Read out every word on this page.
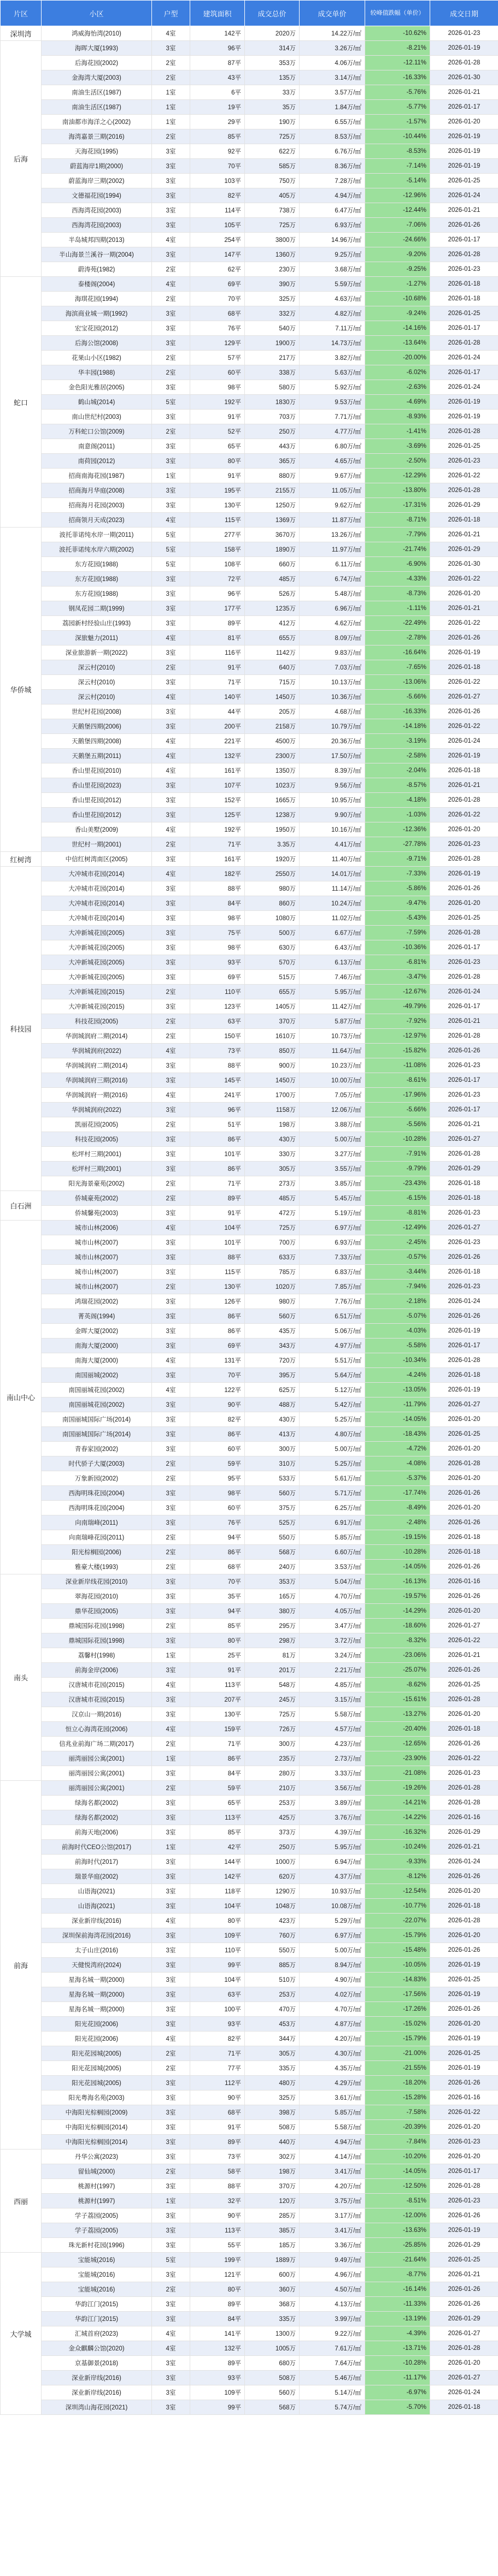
片区	小区	户型	建筑面积	成交总价	成交单价	较峰值跌幅（单价）	成交日期
深圳湾	鸿威海怡湾(2010)	4室	142平	2020万	14.22万/㎡	-10.62%	2026-01-23
后海	海晖大厦(1993)	3室	96平	314万	3.26万/㎡	-8.21%	2026-01-19
	后海花园(2002)	2室	87平	353万	4.06万/㎡	-12.11%	2026-01-28
	金海湾大厦(2003)	2室	43平	135万	3.14万/㎡	-16.33%	2026-01-30
	南油生活区(1987)	1室	6平	33万	3.57万/㎡	-5.76%	2026-01-21
	南油生活区(1987)	1室	19平	35万	1.84万/㎡	-5.77%	2026-01-17
	南油都市海洋之心(2002)	1室	29平	190万	6.55万/㎡	-1.57%	2026-01-20
	海湾嘉景三期(2016)	2室	85平	725万	8.53万/㎡	-10.44%	2026-01-19
	天海花园(1995)	3室	92平	622万	6.76万/㎡	-8.53%	2026-01-19
	蔚蓝海岸1期(2000)	3室	70平	585万	8.36万/㎡	-7.14%	2026-01-19
	蔚蓝海岸三期(2002)	3室	103平	750万	7.28万/㎡	-5.14%	2026-01-25
	文德福花园(1994)	3室	82平	405万	4.94万/㎡	-12.96%	2026-01-24
	西海湾花园(2003)	3室	114平	738万	6.47万/㎡	-12.44%	2026-01-21
	西海湾花园(2003)	3室	105平	725万	6.93万/㎡	-7.06%	2026-01-26
	半岛城邦四期(2013)	4室	254平	3800万	14.96万/㎡	-24.66%	2026-01-17
	半山海景兰溪谷一期(2004)	3室	147平	1360万	9.25万/㎡	-9.20%	2026-01-28
	蔚涛苑(1982)	2室	62平	230万	3.68万/㎡	-9.25%	2026-01-23
蛇口	泰楼阁(2004)	4室	69平	390万	5.59万/㎡	-1.27%	2026-01-18
	海琪花园(1994)	2室	70平	325万	4.63万/㎡	-10.68%	2026-01-18
	海滨商业城一期(1992)	3室	68平	332万	4.82万/㎡	-9.24%	2026-01-25
	宏宝花园(2012)	3室	76平	540万	7.11万/㎡	-14.16%	2026-01-17
	后海公馆(2008)	3室	129平	1900万	14.73万/㎡	-13.64%	2026-01-28
	花果山小区(1982)	2室	57平	217万	3.82万/㎡	-20.00%	2026-01-24
	华丰园(1988)	2室	60平	338万	5.63万/㎡	-6.02%	2026-01-17
	金色阳光雅居(2005)	3室	98平	580万	5.92万/㎡	-2.63%	2026-01-24
	鹤山城(2014)	5室	192平	1830万	9.53万/㎡	-4.69%	2026-01-19
	南山世纪村(2003)	3室	91平	703万	7.71万/㎡	-8.93%	2026-01-19
	万科蛇口公馆(2009)	2室	52平	250万	4.77万/㎡	-1.41%	2026-01-28
	南意阁(2011)	3室	65平	443万	6.80万/㎡	-3.69%	2026-01-25
	南荷园(2012)	3室	80平	365万	4.65万/㎡	-2.50%	2026-01-23
	招商南海花园(1987)	1室	91平	880万	9.67万/㎡	-12.29%	2026-01-22
	招商海月华庭(2008)	3室	195平	2155万	11.05万/㎡	-13.80%	2026-01-28
	招商海月花园(2003)	3室	130平	1250万	9.62万/㎡	-17.31%	2026-01-29
	招商领月天成(2023)	4室	115平	1369万	11.87万/㎡	-8.71%	2026-01-18
华侨城	波托菲诺纯水岸一期(2011)	5室	277平	3670万	13.26万/㎡	-7.79%	2026-01-21
	波托菲诺纯水岸六期(2002)	5室	158平	1890万	11.97万/㎡	-21.74%	2026-01-29
	东方花园(1988)	5室	108平	660万	6.11万/㎡	-6.90%	2026-01-30
	东方花园(1988)	3室	72平	485万	6.74万/㎡	-4.33%	2026-01-22
	东方花园(1988)	3室	96平	526万	5.48万/㎡	-8.73%	2026-01-20
	钢凤花园二期(1999)	3室	177平	1235万	6.96万/㎡	-1.11%	2026-01-21
	荔园新村经验山庄(1993)	3室	89平	412万	4.62万/㎡	-22.49%	2026-01-22
	深旅魅力(2011)	4室	81平	655万	8.09万/㎡	-2.78%	2026-01-26
	深业旅游新一期(2022)	3室	116平	1142万	9.83万/㎡	-16.64%	2026-01-19
	深云村(2010)	2室	91平	640万	7.03万/㎡	-7.65%	2026-01-18
	深云村(2010)	3室	71平	715万	10.13万/㎡	-13.06%	2026-01-22
	深云村(2010)	4室	140平	1450万	10.36万/㎡	-5.66%	2026-01-27
	世纪村花园(2008)	3室	44平	205万	4.68万/㎡	-16.33%	2026-01-26
	天鹅堡四期(2006)	3室	200平	2158万	10.79万/㎡	-14.18%	2026-01-22
	天鹅堡四期(2008)	4室	221平	4500万	20.36万/㎡	-3.19%	2026-01-24
	天鹅堡五期(2011)	4室	132平	2300万	17.50万/㎡	-2.58%	2026-01-19
	香山里花园(2010)	4室	161平	1350万	8.39万/㎡	-2.04%	2026-01-18
	香山里花园(2023)	3室	107平	1023万	9.56万/㎡	-8.57%	2026-01-21
	香山里花园(2012)	3室	152平	1665万	10.95万/㎡	-4.18%	2026-01-28
	香山里花园(2012)	3室	125平	1238万	9.90万/㎡	-1.03%	2026-01-22
	香山美墅(2009)	4室	192平	1950万	10.16万/㎡	-12.36%	2026-01-20
	世纪村一期(2001)	2室	71平	3.35万	4.41万/㎡	-27.78%	2026-01-23
红树湾	中信红树湾南区(2005)	3室	161平	1920万	11.40万/㎡	-9.71%	2026-01-28
科技园	大冲城市花园(2014)	4室	182平	2550万	14.01万/㎡	-7.33%	2026-01-19
	大冲城市花园(2014)	3室	88平	980万	11.14万/㎡	-5.86%	2026-01-26
	大冲城市花园(2014)	3室	84平	860万	10.24万/㎡	-9.47%	2026-01-20
	大冲城市花园(2014)	3室	98平	1080万	11.02万/㎡	-5.43%	2026-01-25
	大冲新城花园(2005)	3室	75平	500万	6.67万/㎡	-7.59%	2026-01-28
	大冲新城花园(2005)	3室	98平	630万	6.43万/㎡	-10.36%	2026-01-17
	大冲新城花园(2005)	3室	93平	570万	6.13万/㎡	-6.81%	2026-01-23
	大冲新城花园(2005)	3室	69平	515万	7.46万/㎡	-3.47%	2026-01-28
	大冲新城花园(2015)	2室	110平	655万	5.95万/㎡	-12.67%	2026-01-24
	大冲新城花园(2015)	3室	123平	1405万	11.42万/㎡	-49.79%	2026-01-17
	科技花园(2005)	2室	63平	370万	5.87万/㎡	-7.92%	2026-01-21
	华润城润府二期(2014)	2室	150平	1610万	10.73万/㎡	-12.97%	2026-01-28
	华润城润府(2022)	4室	73平	850万	11.64万/㎡	-15.82%	2026-01-26
	华润城润府二期(2014)	3室	88平	900万	10.23万/㎡	-11.08%	2026-01-23
	华润城润府三期(2016)	3室	145平	1450万	10.00万/㎡	-8.61%	2026-01-17
	华润城润府一期(2016)	4室	241平	1700万	7.05万/㎡	-17.96%	2026-01-23
	华润城润府(2022)	3室	96平	1158万	12.06万/㎡	-5.66%	2026-01-17
	凯丽花园(2005)	2室	51平	198万	3.88万/㎡	-5.56%	2026-01-21
	科技花园(2005)	3室	86平	430万	5.00万/㎡	-10.28%	2026-01-27
	松坪村三期(2001)	3室	101平	330万	3.27万/㎡	-7.91%	2026-01-28
	松坪村三期(2001)	3室	86平	305万	3.55万/㎡	-9.79%	2026-01-29
	阳光海景豪苑(2002)	2室	71平	273万	3.85万/㎡	-23.43%	2026-01-18
白石洲	侨城豪苑(2002)	2室	89平	485万	5.45万/㎡	-6.15%	2026-01-18
	侨城馨苑(2003)	3室	91平	472万	5.19万/㎡	-8.81%	2026-01-23
南山中心	城市山林(2006)	4室	104平	725万	6.97万/㎡	-12.49%	2026-01-27
	城市山林(2007)	3室	101平	700万	6.93万/㎡	-2.45%	2026-01-23
	城市山林(2007)	3室	88平	633万	7.33万/㎡	-0.57%	2026-01-26
	城市山林(2007)	3室	115平	785万	6.83万/㎡	-3.44%	2026-01-18
	城市山林(2007)	2室	130平	1020万	7.85万/㎡	-7.94%	2026-01-23
	鸿瑞花园(2002)	3室	126平	980万	7.76万/㎡	-2.18%	2026-01-24
	菁英阁(1994)	3室	86平	560万	6.51万/㎡	-5.07%	2026-01-26
	金晖大厦(2002)	3室	86平	435万	5.06万/㎡	-4.03%	2026-01-19
	南海大厦(2000)	3室	69平	343万	4.97万/㎡	-5.58%	2026-01-17
	南海大厦(2000)	4室	131平	720万	5.51万/㎡	-10.34%	2026-01-28
	南国丽城(2002)	3室	70平	395万	5.64万/㎡	-4.24%	2026-01-18
	南国丽城花园(2002)	4室	122平	625万	5.12万/㎡	-13.05%	2026-01-19
	南国丽城花园(2002)	3室	90平	488万	5.42万/㎡	-11.79%	2026-01-27
	南国丽城国际广场(2014)	3室	82平	430万	5.25万/㎡	-14.05%	2026-01-20
	南国丽城国际广场(2014)	3室	86平	413万	4.80万/㎡	-18.43%	2026-01-25
	青春家园(2002)	3室	60平	300万	5.00万/㎡	-4.72%	2026-01-20
	时代骄子大厦(2003)	2室	59平	310万	5.25万/㎡	-4.08%	2026-01-28
	万象新园(2002)	2室	95平	533万	5.61万/㎡	-5.37%	2026-01-20
	西海明珠花园(2004)	3室	98平	560万	5.71万/㎡	-17.74%	2026-01-26
	西海明珠花园(2004)	3室	60平	375万	6.25万/㎡	-8.49%	2026-01-20
	向南瑞峰(2011)	3室	76平	525万	6.91万/㎡	-2.48%	2026-01-26
	向南瑞峰花园(2011)	2室	94平	550万	5.85万/㎡	-19.15%	2026-01-18
	阳光棕榈园(2006)	2室	86平	568万	6.60万/㎡	-10.28%	2026-01-18
	雅豪大楼(1993)	2室	68平	240万	3.53万/㎡	-14.05%	2026-01-26
南头	深业新岸线花园(2010)	3室	70平	353万	5.04万/㎡	-16.13%	2026-01-16
	翠海花园(2010)	3室	35平	165万	4.70万/㎡	-19.57%	2026-01-26
	鼎华花园(2005)	3室	94平	380万	4.05万/㎡	-14.29%	2026-01-20
	鼎城国际花园(1998)	2室	85平	295万	3.47万/㎡	-18.60%	2026-01-27
	鼎城国际花园(1998)	3室	80平	298万	3.72万/㎡	-8.32%	2026-01-22
	荔馨村(1998)	1室	25平	81万	3.24万/㎡	-23.06%	2026-01-21
	前海金岸(2006)	3室	91平	201万	2.21万/㎡	-25.07%	2026-01-26
	汉唐城市花园(2015)	4室	113平	548万	4.85万/㎡	-8.62%	2026-01-25
	汉唐城市花园(2015)	3室	207平	245万	3.15万/㎡	-15.61%	2026-01-28
	汉京山一期(2016)	3室	130平	725万	5.58万/㎡	-13.27%	2026-01-20
	恒立心海湾花园(2006)	4室	159平	726万	4.57万/㎡	-20.40%	2026-01-18
	信兆业前海广场二期(2017)	2室	71平	300万	4.23万/㎡	-12.65%	2026-01-26
	丽湾丽园公寓(2001)	1室	86平	235万	2.73万/㎡	-23.90%	2026-01-22
	丽湾丽园公寓(2001)	3室	84平	280万	3.33万/㎡	-21.08%	2026-01-23
前海	丽湾丽园公寓(2001)	2室	59平	210万	3.56万/㎡	-19.26%	2026-01-28
	绿海名都(2002)	3室	65平	253万	3.89万/㎡	-14.21%	2026-01-28
	绿海名都(2002)	3室	113平	425万	3.76万/㎡	-14.22%	2026-01-16
	前海天地(2006)	3室	85平	373万	4.39万/㎡	-16.32%	2026-01-29
	前海时代CEO公馆(2017)	1室	42平	250万	5.95万/㎡	-10.24%	2026-01-21
	前海时代(2017)	3室	144平	1000万	6.94万/㎡	-9.33%	2026-01-24
	瑞景华庭(2002)	3室	142平	620万	4.37万/㎡	-8.12%	2026-01-26
	山语海(2021)	3室	118平	1290万	10.93万/㎡	-12.54%	2026-01-20
	山语海(2021)	3室	104平	1048万	10.08万/㎡	-10.77%	2026-01-18
	深业新岸线(2016)	4室	80平	423万	5.29万/㎡	-22.07%	2026-01-28
	深圳保前海湾花园(2016)	3室	109平	760万	6.97万/㎡	-15.79%	2026-01-20
	太子山庄(2016)	3室	110平	550万	5.00万/㎡	-15.48%	2026-01-26
	天健悦湾府(2024)	3室	99平	885万	8.94万/㎡	-10.05%	2026-01-19
	星海名城一期(2000)	3室	104平	510万	4.90万/㎡	-14.83%	2026-01-25
	星海名城一期(2000)	3室	63平	253万	4.02万/㎡	-17.56%	2026-01-19
	星海名城一期(2000)	3室	100平	470万	4.70万/㎡	-17.26%	2026-01-26
	阳光花园(2006)	3室	93平	453万	4.87万/㎡	-15.02%	2026-01-20
	阳光花园(2006)	4室	82平	344万	4.20万/㎡	-15.79%	2026-01-19
	阳光花园城(2005)	2室	71平	305万	4.30万/㎡	-21.00%	2026-01-25
	阳光花园城(2005)	2室	77平	335万	4.35万/㎡	-21.55%	2026-01-19
	阳光花园城(2005)	3室	112平	480万	4.29万/㎡	-18.20%	2026-01-26
	阳光粤海名苑(2003)	3室	90平	325万	3.61万/㎡	-15.28%	2026-01-16
	中海阳光棕榈园(2009)	3室	68平	398万	5.85万/㎡	-7.58%	2026-01-22
	中海阳光棕榈园(2014)	3室	91平	508万	5.58万/㎡	-20.39%	2026-01-20
	中海阳光棕榈园(2014)	3室	89平	440万	4.94万/㎡	-7.84%	2026-01-23
西丽	丹华公寓(2023)	3室	73平	302万	4.14万/㎡	-10.20%	2026-01-20
	留仙城(2000)	2室	58平	198万	3.41万/㎡	-14.05%	2026-01-17
	桃源村(1997)	3室	88平	370万	4.20万/㎡	-12.50%	2026-01-28
	桃源村(1997)	1室	32平	120万	3.75万/㎡	-8.51%	2026-01-23
	学子荔园(2005)	3室	90平	285万	3.17万/㎡	-12.00%	2026-01-26
	学子荔园(2005)	3室	113平	385万	3.41万/㎡	-13.63%	2026-01-19
	珠光新村花园(1996)	3室	55平	185万	3.36万/㎡	-25.85%	2026-01-29
大学城	宝能城(2016)	5室	199平	1889万	9.49万/㎡	-21.64%	2026-01-25
	宝能城(2016)	3室	121平	600万	4.96万/㎡	-8.77%	2026-01-21
	宝能城(2016)	2室	80平	360万	4.50万/㎡	-16.14%	2026-01-26
	华韵江门(2015)	3室	89平	368万	4.13万/㎡	-11.33%	2026-01-26
	华韵江门(2015)	3室	84平	335万	3.99万/㎡	-13.19%	2026-01-29
	汇城首府(2023)	4室	141平	1300万	9.22万/㎡	-4.39%	2026-01-27
	金众麒麟公馆(2020)	4室	132平	1005万	7.61万/㎡	-13.71%	2026-01-28
	京基御景(2018)	3室	89平	680万	7.64万/㎡	-10.28%	2026-01-20
	深业新岸线(2016)	3室	93平	508万	5.46万/㎡	-11.17%	2026-01-27
	深业新岸线(2016)	3室	109平	560万	5.14万/㎡	-6.97%	2026-01-24
	深圳湾山海花园(2021)	3室	99平	568万	5.74万/㎡	-5.70%	2026-01-18
